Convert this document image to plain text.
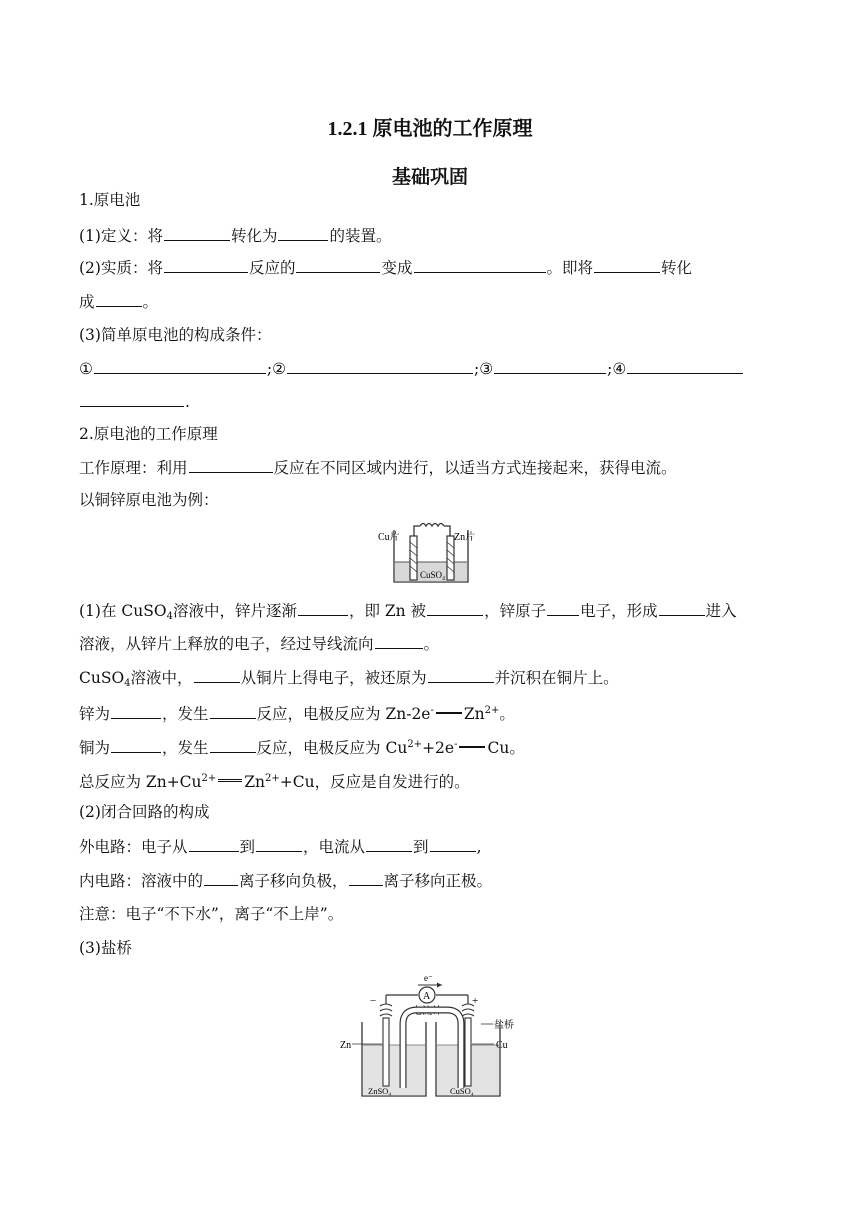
1.2.1 原电池的工作原理
基础巩固
1.原电池
(1)定义：将	转化为	的装置。
(2)实质：将	反应的	变成	。即将	转化
成	。
(3)简单原电池的构成条件：
①	;②	;③	;④
.
2.原电池的工作原理
工作原理：利用	反应在不同区域内进行，以适当方式连接起来，获得电流。
以铜锌原电池为例：
Cu片	Zn片
CuSO₄
(1)在 CuSO$_4$溶液中，锌片逐渐	，即 Zn 被	，锌原子 电子，形成	进入
溶液，从锌片上释放的电子，经过导线流向	。
CuSO$_4$溶液中，	从铜片上得电子，被还原为	并沉积在铜片上。
锌为	，发生	反应，电极反应为 Zn-2e- $Zn^{2+}$。
铜为	，发生	反应，电极反应为 $Cu^{2+}+2e^-$ Cu。
总反应为 $Zn+Cu^{2+}$ $Zn^{2+}+Cu$，反应是自发进行的。
(2)闭合回路的构成
外电路：电子从	到	，电流从	到	,
内电路：溶液中的 离子移向负极， 离子移向正极。
注意：电子“不下水”，离子“不上岸”。
(3)盐桥
e⁻
A
−	+
电流计
盐桥
Zn	Cu
ZnSO₄	CuSO₄
